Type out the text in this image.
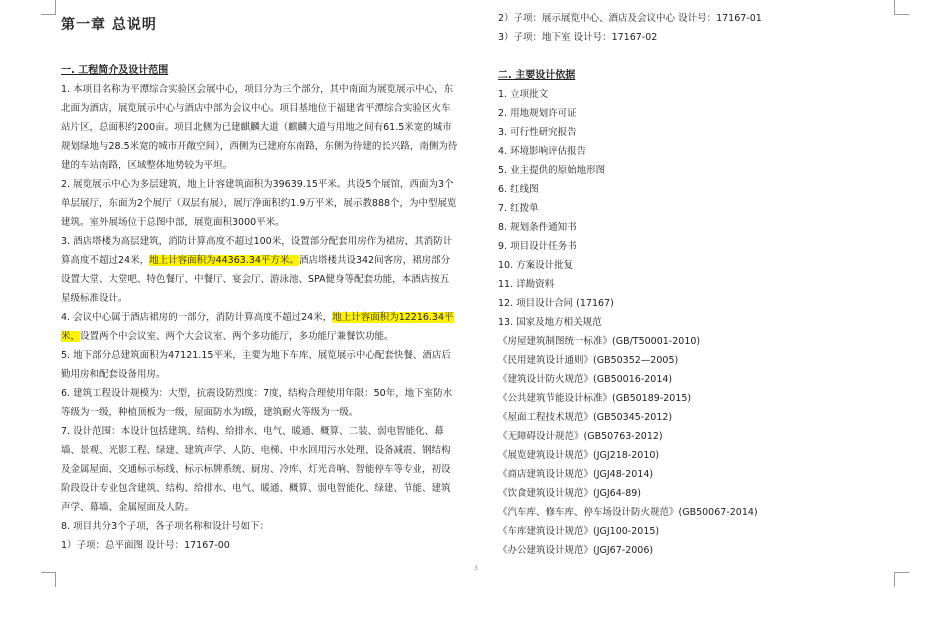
第一章 总说明

一. 工程简介及设计范围

1. 本项目名称为平潭综合实验区会展中心，项目分为三个部分，其中南面为展览展示中心，东北面为酒店，展览展示中心与酒店中部为会议中心。项目基地位于福建省平潭综合实验区火车站片区，总面积约200亩。项目北侧为已建麒麟大道（麒麟大道与用地之间有61.5米宽的城市规划绿地与28.5米宽的城市开敞空间），西侧为已建府东南路，东侧为待建的长兴路，南侧为待建的车站南路，区域整体地势较为平坦。

2. 展览展示中心为多层建筑，地上计容建筑面积为39639.15平米。共设5个展馆，西面为3个单层展厅，东面为2个展厅（双层有展），展厅净面积约1.9万平米，展示教888个，为中型展览建筑。室外展场位于总图中部，展览面积3000平米。

3. 酒店塔楼为高层建筑，消防计算高度不超过100米，设置部分配套用房作为裙房，其消防计算高度不超过24米，地上计容面积为44363.34平方米。酒店塔楼共设342间客房，裙房部分设置大堂、大堂吧、特色餐厅、中餐厅、宴会厅、游泳池、SPA健身等配套功能，本酒店按五星级标准设计。

4. 会议中心属于酒店裙房的一部分，消防计算高度不超过24米，地上计容面积为12216.34平米，设置两个中会议室、两个大会议室、两个多功能厅，多功能厅兼餐饮功能。

5. 地下部分总建筑面积为47121.15平米，主要为地下车库、展览展示中心配套快餐、酒店后勤用房和配套设备用房。

6. 建筑工程设计规模为：大型，抗震设防烈度：7度，结构合理使用年限：50年，地下室防水等级为一级，种植顶板为一级，屋面防水为Ⅰ级，建筑耐火等级为一级。

7. 设计范围：本设计包括建筑、结构、给排水、电气、暖通、概算、二装、弱电智能化、幕墙、景观、光影工程、绿建、建筑声学、人防、电梯、中水回用污水处理、设备减震、钢结构及金属屋面、交通标示标线、标示标牌系统、厨房、冷库、灯光音响、智能停车等专业，初设阶段设计专业包含建筑、结构、给排水、电气、暖通、概算、弱电智能化、绿建、节能、建筑声学、幕墙、金属屋面及人防。

8. 项目共分3个子项，各子项名称和设计号如下：

1）子项：总平面图 设计号：17167-00

2）子项：展示展览中心、酒店及会议中心 设计号：17167-01

3）子项：地下室 设计号：17167-02

二. 主要设计依据

1. 立项批文

2. 用地规划许可证

3. 可行性研究报告

4. 环境影响评估报告

5. 业主提供的原始地形图

6. 红线图

7. 红拨单

8. 规划条件通知书

9. 项目设计任务书

10. 方案设计批复

11. 详勘资料

12. 项目设计合同 (17167)

13. 国家及地方相关规范

《房屋建筑制图统一标准》(GB/T50001-2010)

《民用建筑设计通则》(GB50352—2005)

《建筑设计防火规范》(GB50016-2014)

《公共建筑节能设计标准》(GB50189-2015)

《屋面工程技术规范》(GB50345-2012)

《无障碍设计规范》(GB50763-2012)

《展览建筑设计规范》(JGJ218-2010)

《商店建筑设计规范》(JGJ48-2014)

《饮食建筑设计规范》(JGJ64-89)

《汽车库、修车库、停车场设计防火规范》(GB50067-2014)

《车库建筑设计规范》(JGJ100-2015)

《办公建筑设计规范》(JGJ67-2006)

3
